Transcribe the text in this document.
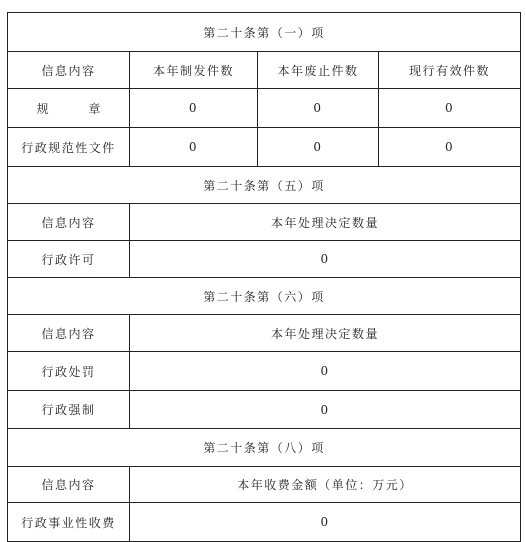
第二十条第（一）项			
信息内容	本年制发件数	本年废止件数	现行有效件数
规 章	0	0	0
行政规范性文件	0	0	0
第二十条第（五）项			
信息内容	本年处理决定数量		
行政许可	0		
第二十条第（六）项			
信息内容	本年处理决定数量		
行政处罚	0		
行政强制	0		
第二十条第（八）项			
信息内容	本年收费金额（单位：万元）		
行政事业性收费	0		
